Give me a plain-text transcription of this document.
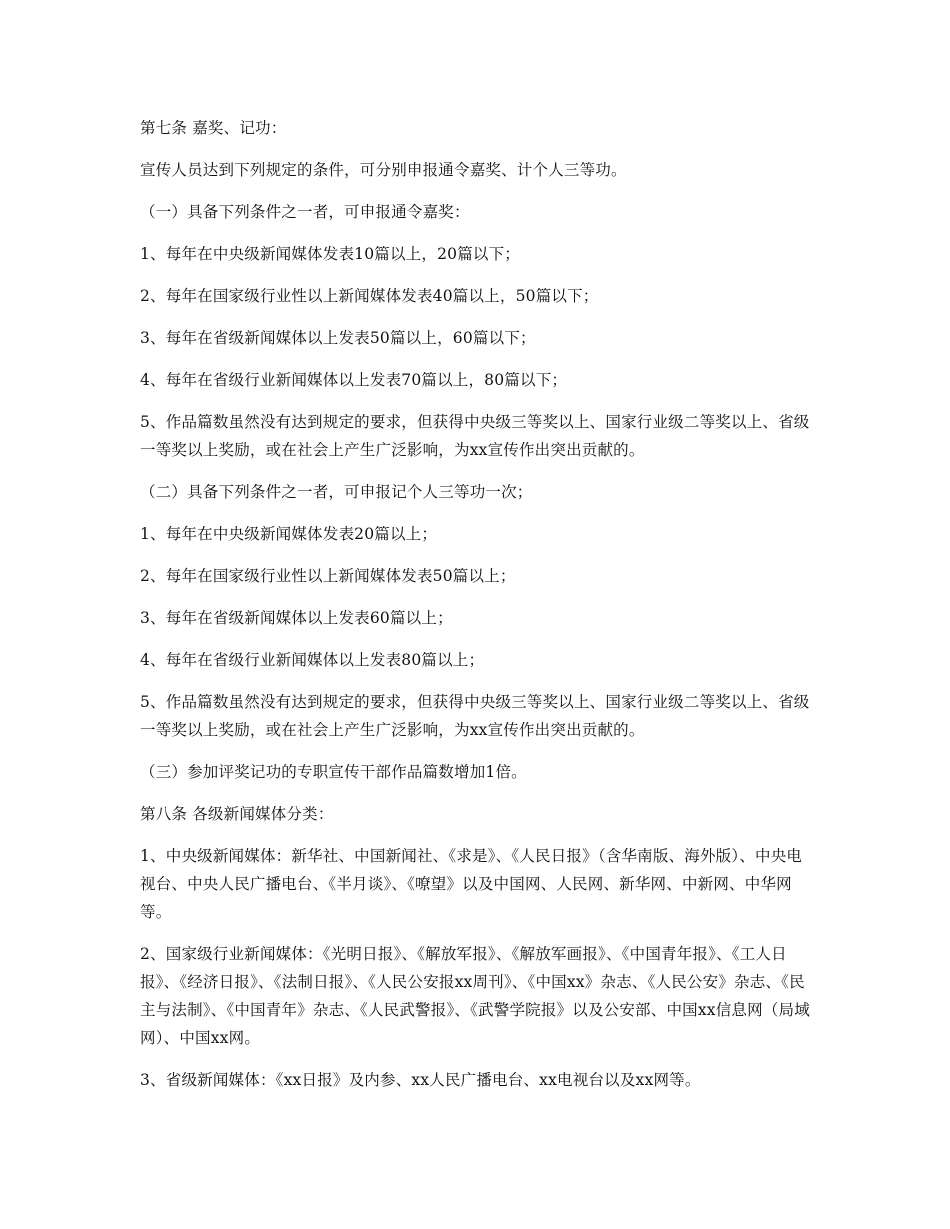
第七条 嘉奖、记功：

宣传人员达到下列规定的条件，可分别申报通令嘉奖、计个人三等功。

（一）具备下列条件之一者，可申报通令嘉奖：

1、每年在中央级新闻媒体发表10篇以上，20篇以下；

2、每年在国家级行业性以上新闻媒体发表40篇以上，50篇以下；

3、每年在省级新闻媒体以上发表50篇以上，60篇以下；

4、每年在省级行业新闻媒体以上发表70篇以上，80篇以下；

5、作品篇数虽然没有达到规定的要求，但获得中央级三等奖以上、国家行业级二等奖以上、省级一等奖以上奖励，或在社会上产生广泛影响，为xx宣传作出突出贡献的。

（二）具备下列条件之一者，可申报记个人三等功一次；

1、每年在中央级新闻媒体发表20篇以上；

2、每年在国家级行业性以上新闻媒体发表50篇以上；

3、每年在省级新闻媒体以上发表60篇以上；

4、每年在省级行业新闻媒体以上发表80篇以上；

5、作品篇数虽然没有达到规定的要求，但获得中央级三等奖以上、国家行业级二等奖以上、省级一等奖以上奖励，或在社会上产生广泛影响，为xx宣传作出突出贡献的。

（三）参加评奖记功的专职宣传干部作品篇数增加1倍。

第八条 各级新闻媒体分类：

1、中央级新闻媒体：新华社、中国新闻社、《求是》、《人民日报》（含华南版、海外版）、中央电视台、中央人民广播电台、《半月谈》、《嘹望》以及中国网、人民网、新华网、中新网、中华网等。

2、国家级行业新闻媒体：《光明日报》、《解放军报》、《解放军画报》、《中国青年报》、《工人日报》、《经济日报》、《法制日报》、《人民公安报xx周刊》、《中国xx》杂志、《人民公安》杂志、《民主与法制》、《中国青年》杂志、《人民武警报》、《武警学院报》以及公安部、中国xx信息网（局域网）、中国xx网。

3、省级新闻媒体：《xx日报》及内参、xx人民广播电台、xx电视台以及xx网等。
